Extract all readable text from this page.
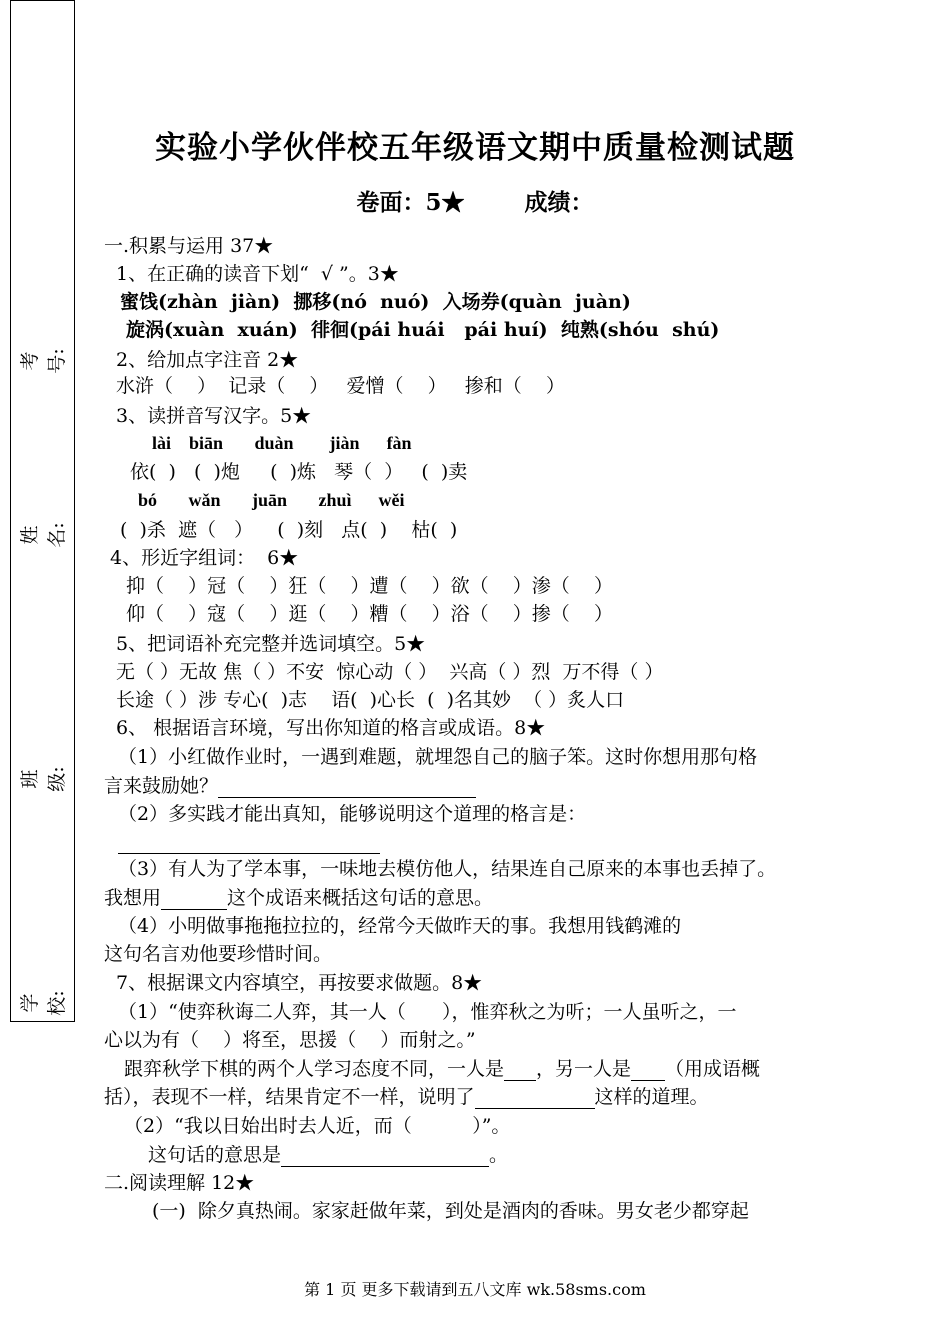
考号:
姓名:
班级:
学校:
实验小学伙伴校五年级语文期中质量检测试题
卷面：5★	成绩：
一.积累与运用 37★
1、在正确的读音下划“  √ ”。3★
蜜饯(zhàn  jiàn)  挪移(nó  nuó)  入场券(quàn  juàn)
旋涡(xuàn  xuán)  徘徊(pái huái   pái huí)  纯熟(shóu  shú)
2、给加点字注音 2★
水浒（    ）  记录（    ）   爱憎（    ）   掺和（    ）
3、读拼音写汉字。5★
lài    biān       duàn        jiàn      fàn
依(  )   (  )炮     (  )炼   琴（  ）   (  )卖
bó       wǎn       juān       zhuì      wěi
(  )杀  遮（   ）    (  )刻   点(  )    枯(  )
4、形近字组词：  6★
抑（    ）冠（    ）狂（    ）遭（    ）欲（    ）渗（    ）
仰（    ）寇（    ）逛（    ）糟（    ）浴（    ）掺（    ）
5、把词语补充完整并选词填空。5★
无（ ）无故 焦（ ）不安  惊心动（ ）  兴高（ ）烈  万不得（ ）
长途（ ）涉 专心(  )志    语(  )心长  (  )名其妙  （ ）炙人口
6、 根据语言环境，写出你知道的格言或成语。8★
（1）小红做作业时，一遇到难题，就埋怨自己的脑子笨。这时你想用那句格
言来鼓励她？
（2）多实践才能出真知，能够说明这个道理的格言是：
（3）有人为了学本事，一味地去模仿他人，结果连自己原来的本事也丢掉了。
我想用	这个成语来概括这句话的意思。
（4）小明做事拖拖拉拉的，经常今天做昨天的事。我想用钱鹤滩的
这句名言劝他要珍惜时间。
7、根据课文内容填空，再按要求做题。8★
（1）“使弈秋诲二人弈，其一人（      ），惟弈秋之为听；一人虽听之，一
心以为有（    ）将至，思援（    ）而射之。”
跟弈秋学下棋的两个人学习态度不同，一人是 ，另一人是 （用成语概
括），表现不一样，结果肯定不一样，说明了	这样的道理。
（2）“我以日始出时去人近，而（          ）”。
这句话的意思是	。
二.阅读理解 12★
(一)  除夕真热闹。家家赶做年菜，到处是酒肉的香味。男女老少都穿起
第 1 页 更多下载请到五八文库 wk.58sms.com
